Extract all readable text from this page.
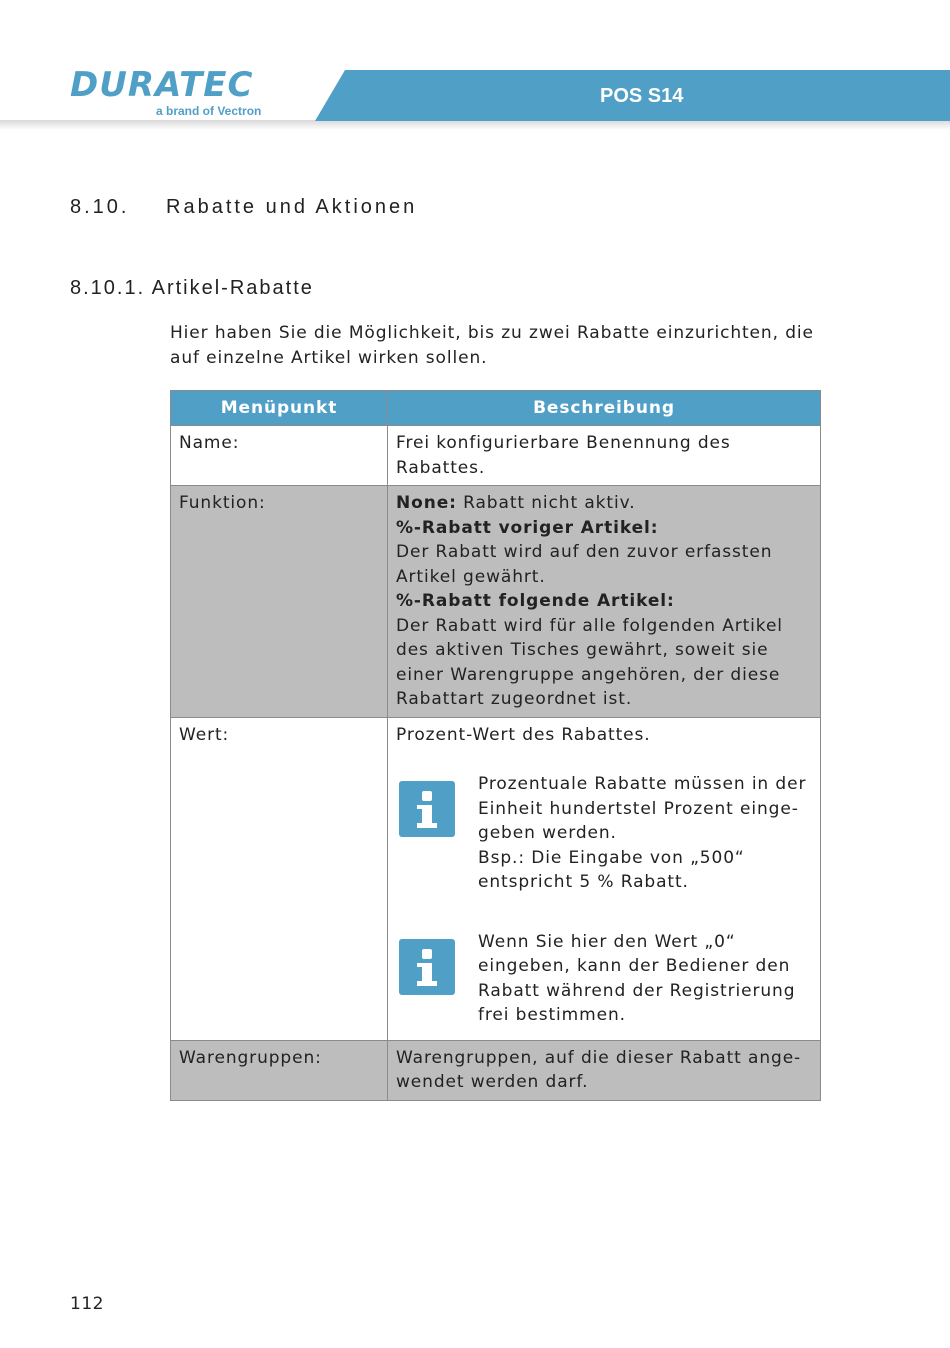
DURATEC
a brand of Vectron
POS S14
8.10. Rabatte und Aktionen
8.10.1. Artikel-Rabatte

Hier haben Sie die Möglichkeit, bis zu zwei Rabatte einzurichten, die auf einzelne Artikel wirken sollen.

Menüpunkt	Beschreibung
Name:	Frei konfigurierbare Benennung des Rabattes.
Funktion:	None: Rabatt nicht aktiv.
%-Rabatt voriger Artikel:
Der Rabatt wird auf den zuvor erfassten Artikel gewährt.
%-Rabatt folgende Artikel:
Der Rabatt wird für alle folgenden Artikel des aktiven Tisches gewährt, soweit sie einer Warengruppe angehören, der diese Rabattart zugeordnet ist.

Wert:	Prozent-Wert des Rabattes.
Prozentuale Rabatte müssen in der Einheit hundertstel Prozent einge-geben werden.
Bsp.: Die Eingabe von „500“ entspricht 5 % Rabatt.
Wenn Sie hier den Wert „0“ eingeben, kann der Bediener den Rabatt während der Registrierung frei bestimmen.

Warengruppen:	Warengruppen, auf die dieser Rabatt ange-wendet werden darf.
112
